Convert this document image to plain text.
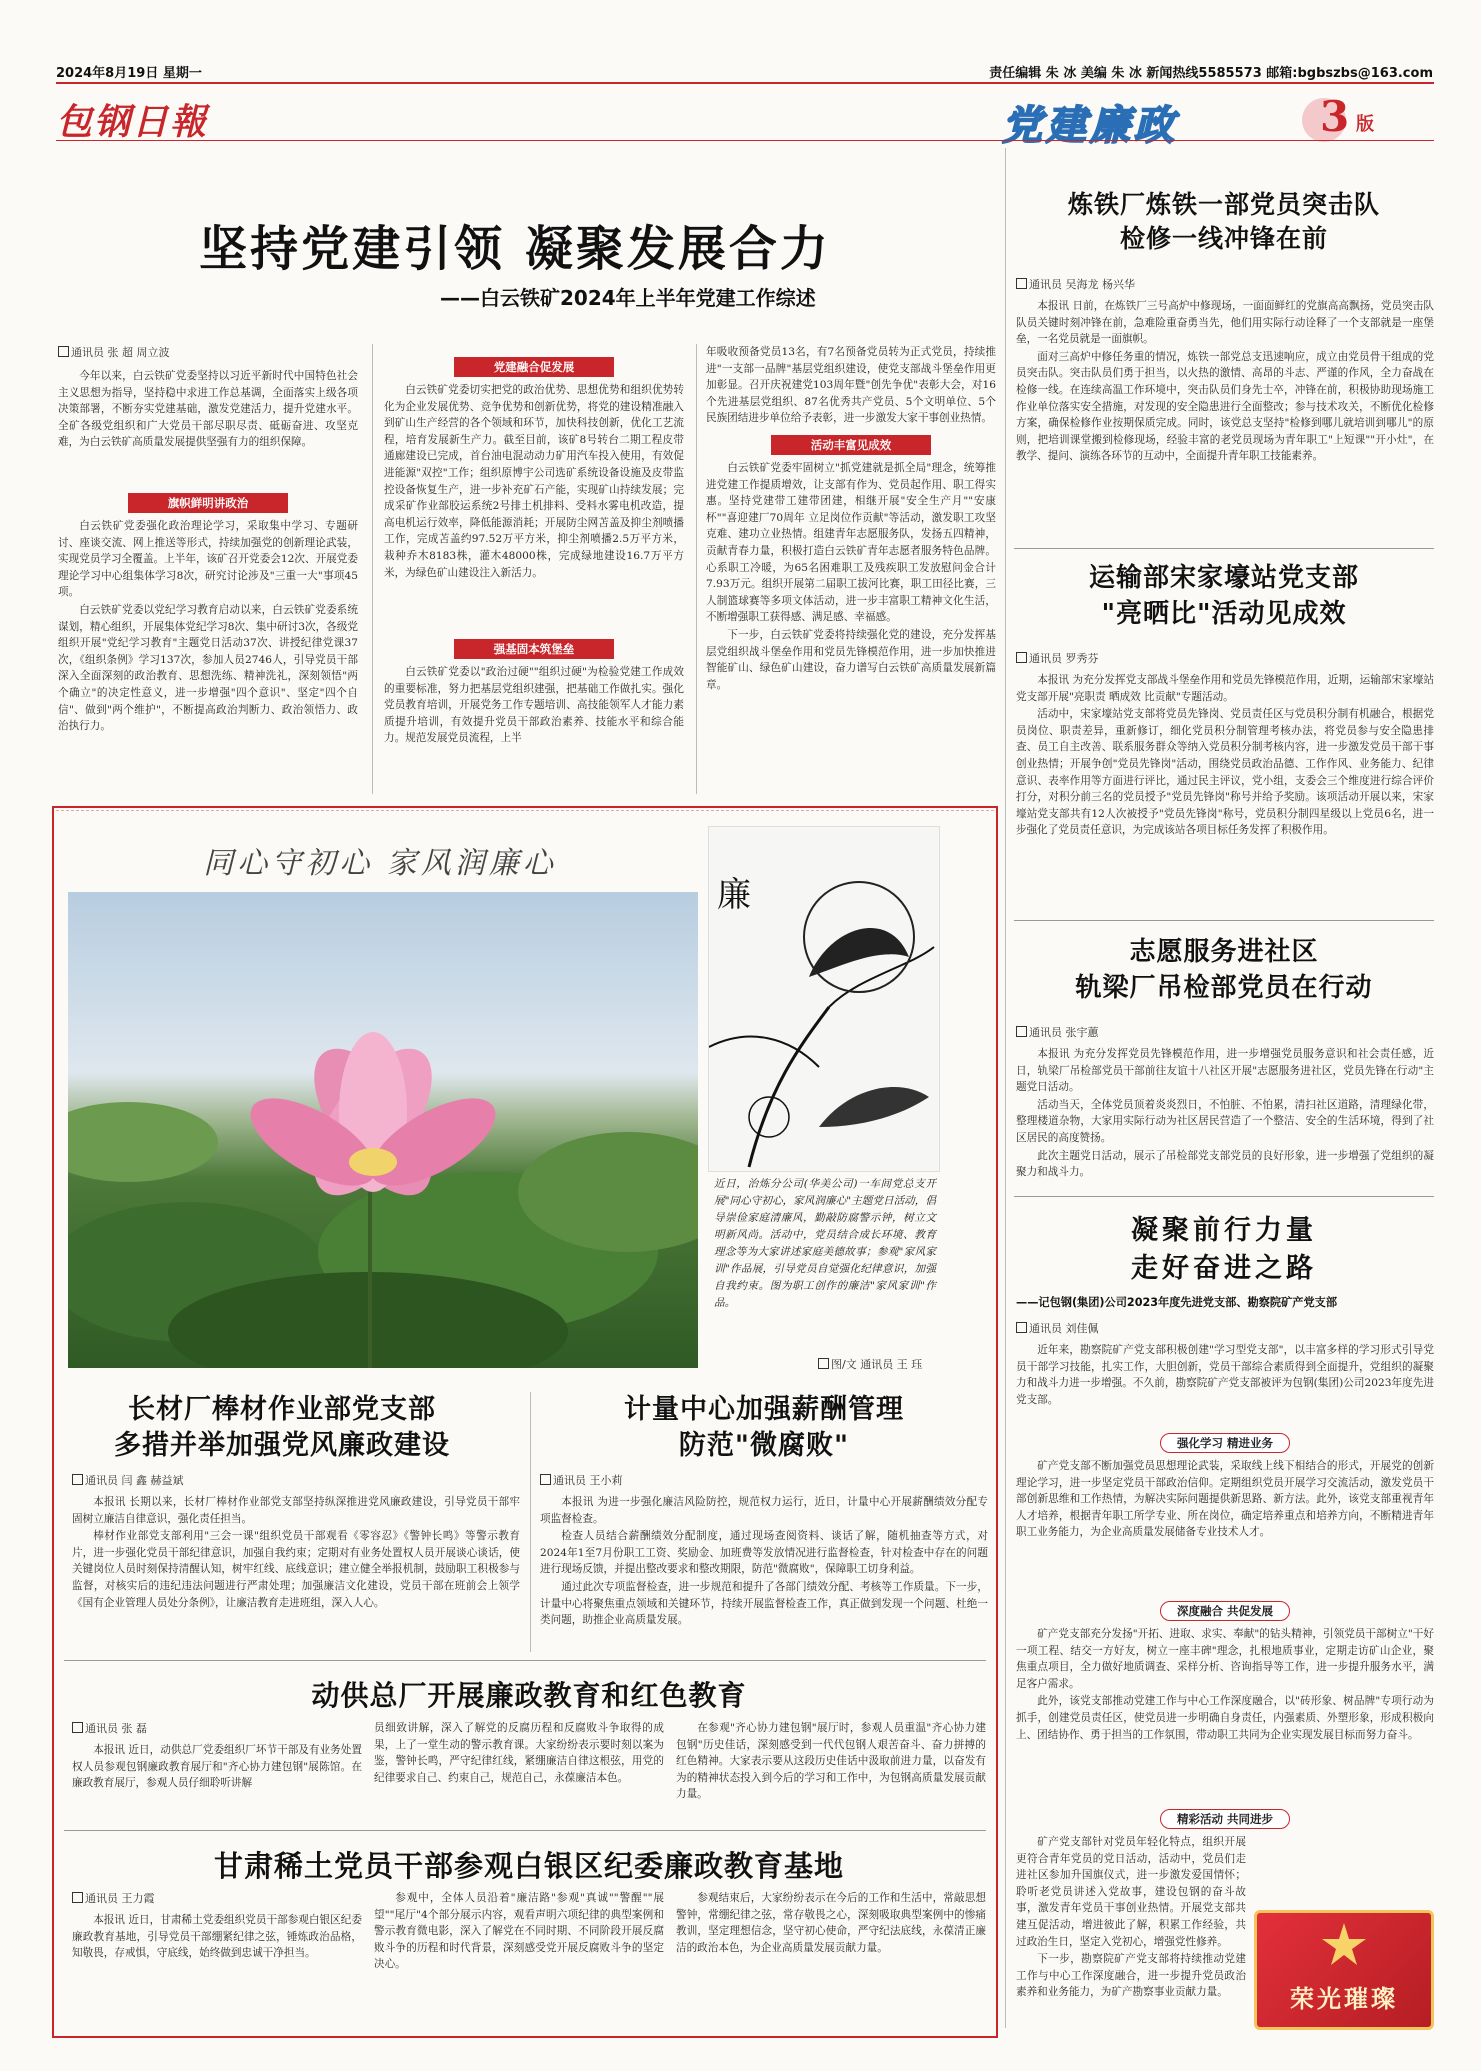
2024年8月19日 星期一	责任编辑 朱 冰 美编 朱 冰 新闻热线5585573 邮箱:bgbszbs@163.com
包钢日報	党建廉政	3 版
坚持党建引领 凝聚发展合力
——白云铁矿2024年上半年党建工作综述
通讯员 张 超 周立波

今年以来，白云铁矿党委坚持以习近平新时代中国特色社会主义思想为指导，坚持稳中求进工作总基调，全面落实上级各项决策部署，不断夯实党建基础，激发党建活力，提升党建水平。全矿各级党组织和广大党员干部尽职尽责、砥砺奋进、攻坚克难，为白云铁矿高质量发展提供坚强有力的组织保障。

旗帜鲜明讲政治

白云铁矿党委强化政治理论学习，采取集中学习、专题研讨、座谈交流、网上推送等形式，持续加强党的创新理论武装，实现党员学习全覆盖。上半年，该矿召开党委会12次、开展党委理论学习中心组集体学习8次，研究讨论涉及"三重一大"事项45项。

白云铁矿党委以党纪学习教育启动以来，白云铁矿党委系统谋划，精心组织，开展集体党纪学习8次、集中研讨3次，各级党组织开展"党纪学习教育"主题党日活动37次、讲授纪律党课37次，《组织条例》学习137次，参加人员2746人，引导党员干部深入全面深刻的政治教育、思想洗练、精神洗礼，深刻领悟"两个确立"的决定性意义，进一步增强"四个意识"、坚定"四个自信"、做到"两个维护"，不断提高政治判断力、政治领悟力、政治执行力。

党建融合促发展

白云铁矿党委切实把党的政治优势、思想优势和组织优势转化为企业发展优势、竞争优势和创新优势，将党的建设精准融入到矿山生产经营的各个领域和环节，加快科技创新，优化工艺流程，培育发展新生产力。截至目前，该矿8号转台二期工程皮带通廊建设已完成，首台油电混动动力矿用汽车投入使用，有效促进能源"双控"工作；组织原博宇公司选矿系统设备设施及皮带监控设备恢复生产，进一步补充矿石产能，实现矿山持续发展；完成采矿作业部胶运系统2号排土机排料、受料水雾电机改造，提高电机运行效率，降低能源消耗；开展防尘网苫盖及抑尘剂喷播工作，完成苫盖约97.52万平方米，抑尘剂喷播2.5万平方米，栽种乔木8183株，灌木48000株，完成绿地建设16.7万平方米，为绿色矿山建设注入新活力。

强基固本筑堡垒

白云铁矿党委以"政治过硬""组织过硬"为检验党建工作成效的重要标准，努力把基层党组织建强，把基础工作做扎实。强化党员教育培训，开展党务工作专题培训、高技能领军人才能力素质提升培训，有效提升党员干部政治素养、技能水平和综合能力。规范发展党员流程，上半

年吸收预备党员13名，有7名预备党员转为正式党员，持续推进"一支部一品牌"基层党组织建设，使党支部战斗堡垒作用更加彰显。召开庆祝建党103周年暨"创先争优"表彰大会，对16个先进基层党组织、87名优秀共产党员、5个文明单位、5个民族团结进步单位给予表彰，进一步激发大家干事创业热情。

活动丰富见成效

白云铁矿党委牢固树立"抓党建就是抓全局"理念，统筹推进党建工作提质增效，让支部有作为、党员起作用、职工得实惠。坚持党建带工建带团建，相继开展"安全生产月""安康杯""喜迎建厂70周年 立足岗位作贡献"等活动，激发职工攻坚克难、建功立业热情。组建青年志愿服务队，发扬五四精神，贡献青春力量，积极打造白云铁矿青年志愿者服务特色品牌。心系职工冷暖，为65名困难职工及残疾职工发放慰问金合计7.93万元。组织开展第二届职工拔河比赛，职工田径比赛，三人制篮球赛等多项文体活动，进一步丰富职工精神文化生活，不断增强职工获得感、满足感、幸福感。

下一步，白云铁矿党委将持续强化党的建设，充分发挥基层党组织战斗堡垒作用和党员先锋模范作用，进一步加快推进智能矿山、绿色矿山建设，奋力谱写白云铁矿高质量发展新篇章。

同心守初心 家风润廉心
廉
近日，治炼分公司(华美公司)一车间党总支开展"同心守初心，家风润廉心"主题党日活动，倡导崇俭家庭清廉风，勤敲防腐警示钟，树立文明新风尚。活动中，党员结合成长环境、教育理念等为大家讲述家庭美德故事；参观"家风家训"作品展，引导党员自觉强化纪律意识，加强自我约束。图为职工创作的廉洁"家风家训"作品。
图/文 通讯员 王 珏
长材厂棒材作业部党支部
多措并举加强党风廉政建设
通讯员 闫 鑫 赫益斌

本报讯 长期以来，长材厂棒材作业部党支部坚持纵深推进党风廉政建设，引导党员干部牢固树立廉洁自律意识，强化责任担当。

棒材作业部党支部利用"三会一课"组织党员干部观看《零容忍》《警钟长鸣》等警示教育片，进一步强化党员干部纪律意识，加强自我约束；定期对有业务处置权人员开展谈心谈话，使关键岗位人员时刻保持清醒认知，树牢红线、底线意识；建立健全举报机制，鼓励职工积极参与监督，对核实后的违纪违法问题进行严肃处理；加强廉洁文化建设，党员干部在班前会上领学《国有企业管理人员处分条例》，让廉洁教育走进班组，深入人心。

计量中心加强薪酬管理
防范"微腐败"
通讯员 王小莉

本报讯 为进一步强化廉洁风险防控，规范权力运行，近日，计量中心开展薪酬绩效分配专项监督检查。

检查人员结合薪酬绩效分配制度，通过现场查阅资料、谈话了解，随机抽查等方式，对2024年1至7月份职工工资、奖励金、加班费等发放情况进行监督检查，针对检查中存在的问题进行现场反馈，并提出整改要求和整改期限，防范"微腐败"，保障职工切身利益。

通过此次专项监督检查，进一步规范和提升了各部门绩效分配、考核等工作质量。下一步，计量中心将聚焦重点领域和关键环节，持续开展监督检查工作，真正做到发现一个问题、杜绝一类问题，助推企业高质量发展。

动供总厂开展廉政教育和红色教育
通讯员 张 磊
本报讯 近日，动供总厂党委组织厂坏节干部及有业务处置权人员参观包钢廉政教育展厅和"齐心协力建包钢"展陈馆。在廉政教育展厅，参观人员仔细聆听讲解
员细致讲解，深入了解党的反腐历程和反腐败斗争取得的成果，上了一堂生动的警示教育课。大家纷纷表示要时刻以案为鉴，警钟长鸣，严守纪律红线，紧绷廉洁自律这根弦，用党的纪律要求自己、约束自己，规范自己，永葆廉洁本色。
在参观"齐心协力建包钢"展厅时，参观人员重温"齐心协力建包钢"历史佳话，深刻感受到一代代包钢人艰苦奋斗、奋力拼搏的红色精神。大家表示要从这段历史佳话中汲取前进力量，以奋发有为的精神状态投入到今后的学习和工作中，为包钢高质量发展贡献力量。
甘肃稀土党员干部参观白银区纪委廉政教育基地
通讯员 王力霞
本报讯 近日，甘肃稀土党委组织党员干部参观白银区纪委廉政教育基地，引导党员干部绷紧纪律之弦，锤炼政治品格，知敬畏，存戒惧，守底线，始终做到忠诚干净担当。
参观中，全体人员沿着"廉洁路"参观"真诚""警醒""展望""尾厅"4个部分展示内容，观看声明六项纪律的典型案例和警示教育微电影，深入了解党在不同时期、不同阶段开展反腐败斗争的历程和时代背景，深刻感受党开展反腐败斗争的坚定决心。
参观结束后，大家纷纷表示在今后的工作和生活中，常敲思想警钟，常绷纪律之弦，常存敬畏之心，深刻吸取典型案例中的惨痛教训，坚定理想信念，坚守初心使命，严守纪法底线，永葆清正廉洁的政治本色，为企业高质量发展贡献力量。
炼铁厂炼铁一部党员突击队
检修一线冲锋在前
通讯员 吴海龙 杨兴华

本报讯 日前，在炼铁厂三号高炉中修现场，一面面鲜红的党旗高高飘扬，党员突击队队员关键时刻冲锋在前，急难险重奋勇当先，他们用实际行动诠释了一个支部就是一座堡垒，一名党员就是一面旗帜。

面对三高炉中修任务重的情况，炼铁一部党总支迅速响应，成立由党员骨干组成的党员突击队。突击队员们勇于担当，以火热的激情、高昂的斗志、严谨的作风，全力奋战在检修一线。在连续高温工作环境中，突击队员们身先士卒，冲锋在前，积极协助现场施工作业单位落实安全措施，对发现的安全隐患进行全面整改；参与技术攻关，不断优化检修方案，确保检修作业按期保质完成。同时，该党总支坚持"检修到哪儿就培训到哪儿"的原则，把培训课堂搬到检修现场，经验丰富的老党员现场为青年职工"上短课""开小灶"，在教学、提问、演练各环节的互动中，全面提升青年职工技能素养。

运输部宋家壕站党支部
"亮晒比"活动见成效
通讯员 罗秀芬

本报讯 为充分发挥党支部战斗堡垒作用和党员先锋模范作用，近期，运输部宋家壕站党支部开展"亮职责 晒成效 比贡献"专题活动。

活动中，宋家壕站党支部将党员先锋岗、党员责任区与党员积分制有机融合，根据党员岗位、职责差异，重新修订，细化党员积分制管理考核办法，将党员参与安全隐患排查、员工自主改善、联系服务群众等纳入党员积分制考核内容，进一步激发党员干部干事创业热情；开展争创"党员先锋岗"活动，围绕党员政治品德、工作作风、业务能力、纪律意识、表率作用等方面进行评比，通过民主评议，党小组，支委会三个维度进行综合评价打分，对积分前三名的党员授予"党员先锋岗"称号并给予奖励。该项活动开展以来，宋家壕站党支部共有12人次被授予"党员先锋岗"称号，党员积分制四星级以上党员6名，进一步强化了党员责任意识，为完成该站各项目标任务发挥了积极作用。

志愿服务进社区
轨梁厂吊检部党员在行动
通讯员 张宇蕙

本报讯 为充分发挥党员先锋模范作用，进一步增强党员服务意识和社会责任感，近日，轨梁厂吊检部党员干部前往友谊十八社区开展"志愿服务进社区，党员先锋在行动"主题党日活动。

活动当天，全体党员顶着炎炎烈日，不怕脏、不怕累，清扫社区道路，清理绿化带，整理楼道杂物，大家用实际行动为社区居民营造了一个整洁、安全的生活环境，得到了社区居民的高度赞扬。

此次主题党日活动，展示了吊检部党支部党员的良好形象，进一步增强了党组织的凝聚力和战斗力。

凝聚前行力量
走好奋进之路
——记包钢(集团)公司2023年度先进党支部、勘察院矿产党支部
通讯员 刘佳佩
近年来，勘察院矿产党支部积极创建"学习型党支部"，以丰富多样的学习形式引导党员干部学习技能，扎实工作，大胆创新，党员干部综合素质得到全面提升，党组织的凝聚力和战斗力进一步增强。不久前，勘察院矿产党支部被评为包钢(集团)公司2023年度先进党支部。
强化学习 精进业务

矿产党支部不断加强党员思想理论武装，采取线上线下相结合的形式，开展党的创新理论学习，进一步坚定党员干部政治信仰。定期组织党员开展学习交流活动，激发党员干部创新思维和工作热情，为解决实际问题提供新思路、新方法。此外，该党支部重视青年人才培养，根据青年职工所学专业、所在岗位，确定培养重点和培养方向，不断精进青年职工业务能力，为企业高质量发展储备专业技术人才。

深度融合 共促发展

矿产党支部充分发扬"开拓、进取、求实、奉献"的钻头精神，引领党员干部树立"干好一项工程、结交一方好友，树立一座丰碑"理念，扎根地质事业，定期走访矿山企业，聚焦重点项目，全力做好地质调查、采样分析、咨询指导等工作，进一步提升服务水平，满足客户需求。

此外，该党支部推动党建工作与中心工作深度融合，以"砖形象、树品牌"专项行动为抓手，创建党员责任区，使党员进一步明确自身责任，内强素质、外塑形象，形成积极向上、团结协作、勇于担当的工作氛围，带动职工共同为企业实现发展目标而努力奋斗。

精彩活动 共同进步

矿产党支部针对党员年轻化特点，组织开展更符合青年党员的党日活动，活动中，党员们走进社区参加升国旗仪式，进一步激发爱国情怀；聆听老党员讲述入党故事，建设包钢的奋斗故事，激发青年党员干事创业热情。开展党支部共建互促活动，增进彼此了解，积累工作经验，共过政治生日，坚定入党初心，增强党性修养。

下一步，勘察院矿产党支部将持续推动党建工作与中心工作深度融合，进一步提升党员政治素养和业务能力，为矿产勘察事业贡献力量。	荣光璀璨
